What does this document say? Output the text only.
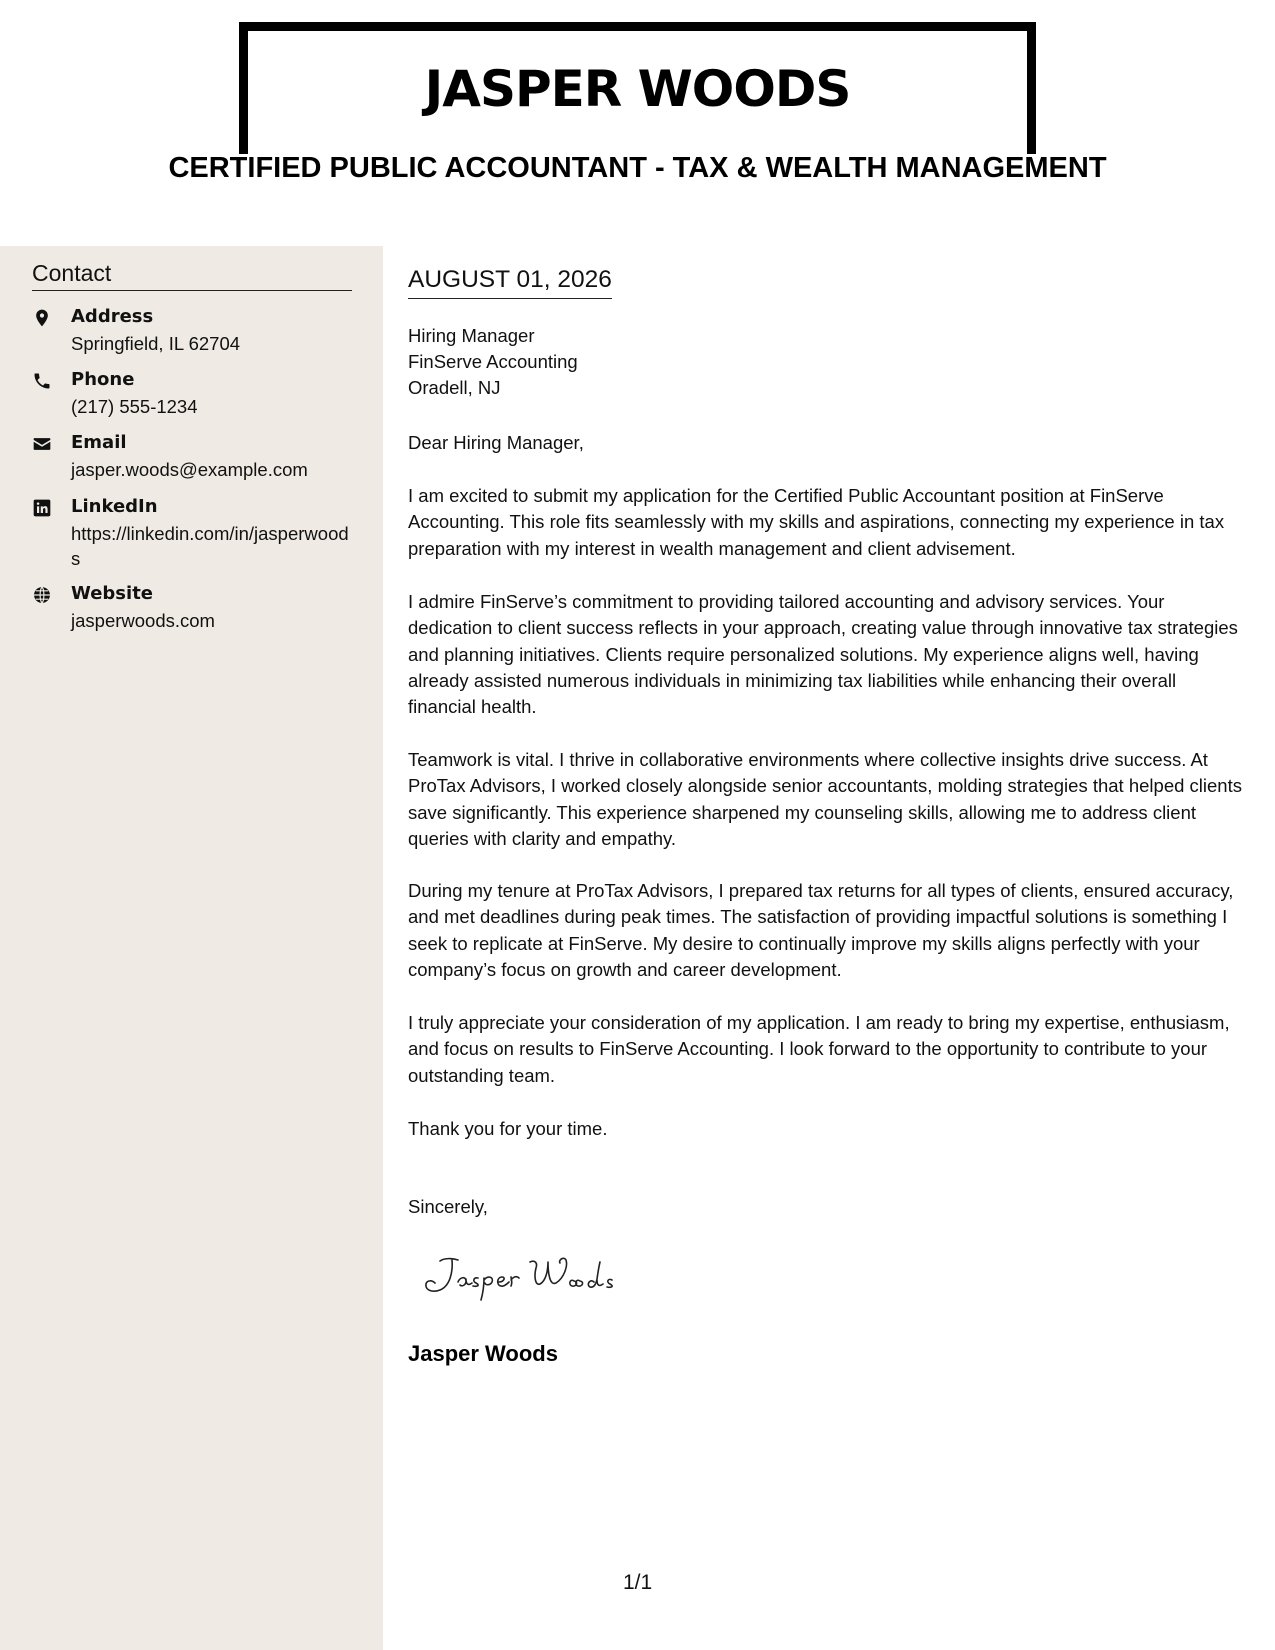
JASPER WOODS
CERTIFIED PUBLIC ACCOUNTANT - TAX & WEALTH MANAGEMENT
Contact
Address
Springfield, IL 62704
Phone
(217) 555-1234
Email
jasper.woods@example.com
LinkedIn
https://linkedin.com/in/jasperwoods
Website
jasperwoods.com
AUGUST 01, 2026
Hiring Manager
FinServe Accounting
Oradell, NJ
Dear Hiring Manager,
I am excited to submit my application for the Certified Public Accountant position at FinServe Accounting. This role fits seamlessly with my skills and aspirations, connecting my experience in tax preparation with my interest in wealth management and client advisement.
I admire FinServe’s commitment to providing tailored accounting and advisory services. Your dedication to client success reflects in your approach, creating value through innovative tax strategies and planning initiatives. Clients require personalized solutions. My experience aligns well, having already assisted numerous individuals in minimizing tax liabilities while enhancing their overall financial health.
Teamwork is vital. I thrive in collaborative environments where collective insights drive success. At ProTax Advisors, I worked closely alongside senior accountants, molding strategies that helped clients save significantly. This experience sharpened my counseling skills, allowing me to address client queries with clarity and empathy.
During my tenure at ProTax Advisors, I prepared tax returns for all types of clients, ensured accuracy, and met deadlines during peak times. The satisfaction of providing impactful solutions is something I seek to replicate at FinServe. My desire to continually improve my skills aligns perfectly with your company’s focus on growth and career development.
I truly appreciate your consideration of my application. I am ready to bring my expertise, enthusiasm, and focus on results to FinServe Accounting. I look forward to the opportunity to contribute to your outstanding team.
Thank you for your time.
Sincerely,
Jasper Woods
1/1
